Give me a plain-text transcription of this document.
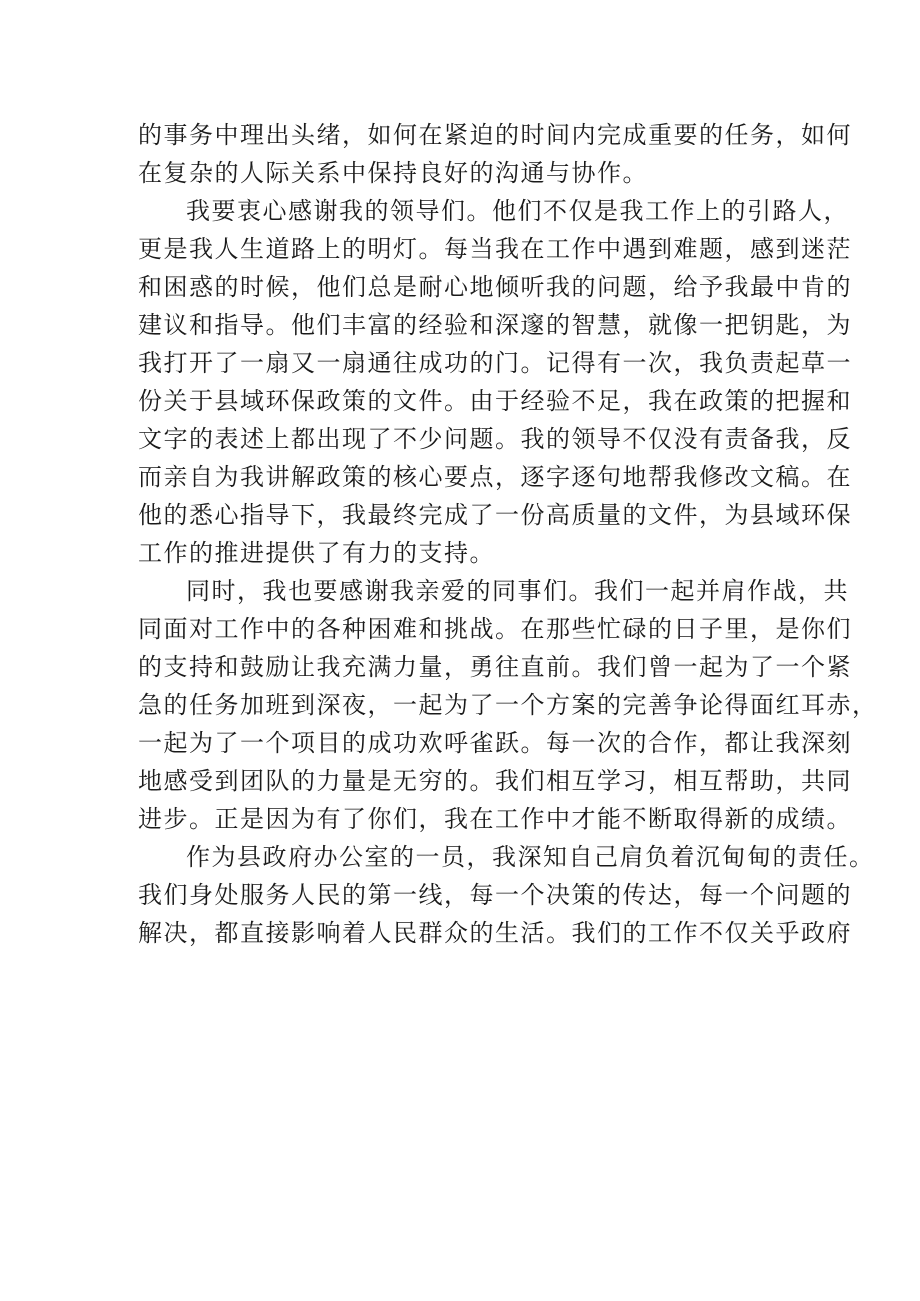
的事务中理出头绪，如何在紧迫的时间内完成重要的任务，如何
在复杂的人际关系中保持良好的沟通与协作。
我要衷心感谢我的领导们。他们不仅是我工作上的引路人，
更是我人生道路上的明灯。每当我在工作中遇到难题，感到迷茫
和困惑的时候，他们总是耐心地倾听我的问题，给予我最中肯的
建议和指导。他们丰富的经验和深邃的智慧，就像一把钥匙，为
我打开了一扇又一扇通往成功的门。记得有一次，我负责起草一
份关于县域环保政策的文件。由于经验不足，我在政策的把握和
文字的表述上都出现了不少问题。我的领导不仅没有责备我，反
而亲自为我讲解政策的核心要点，逐字逐句地帮我修改文稿。在
他的悉心指导下，我最终完成了一份高质量的文件，为县域环保
工作的推进提供了有力的支持。
同时，我也要感谢我亲爱的同事们。我们一起并肩作战，共
同面对工作中的各种困难和挑战。在那些忙碌的日子里，是你们
的支持和鼓励让我充满力量，勇往直前。我们曾一起为了一个紧
急的任务加班到深夜，一起为了一个方案的完善争论得面红耳赤，
一起为了一个项目的成功欢呼雀跃。每一次的合作，都让我深刻
地感受到团队的力量是无穷的。我们相互学习，相互帮助，共同
进步。正是因为有了你们，我在工作中才能不断取得新的成绩。
作为县政府办公室的一员，我深知自己肩负着沉甸甸的责任。
我们身处服务人民的第一线，每一个决策的传达，每一个问题的
解决，都直接影响着人民群众的生活。我们的工作不仅关乎政府
